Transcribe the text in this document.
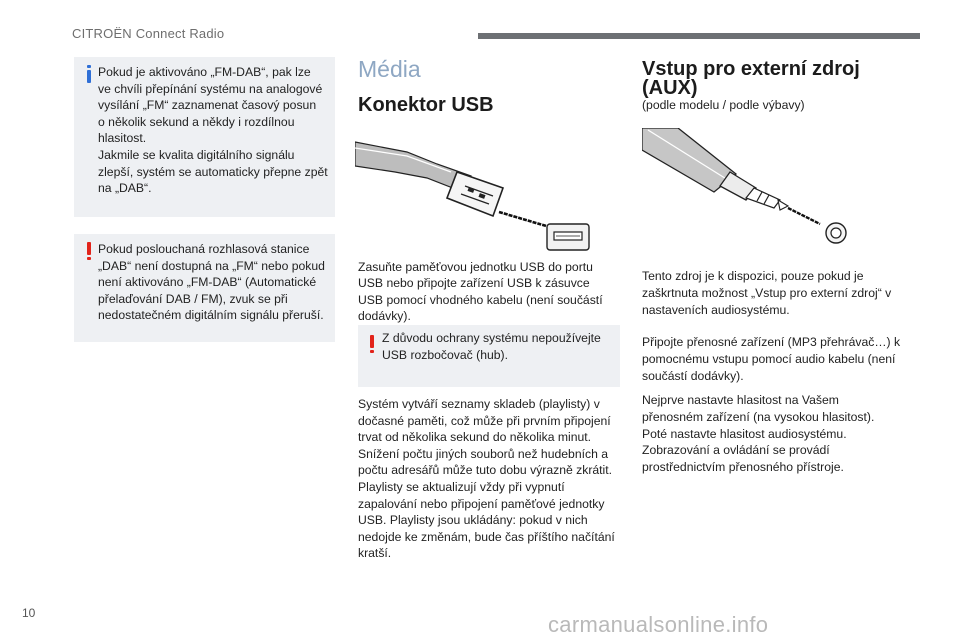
CITROËN Connect Radio
Pokud je aktivováno „FM-DAB“, pak lze
ve chvíli přepínání systému na analogové
vysílání „FM“ zaznamenat časový posun
o několik sekund a někdy i rozdílnou
hlasitost.
Jakmile se kvalita digitálního signálu
zlepší, systém se automaticky přepne zpět
na „DAB“.
Pokud poslouchaná rozhlasová stanice
„DAB“ není dostupná na „FM“ nebo pokud
není aktivováno „FM-DAB“ (Automatické
přelaďování DAB / FM), zvuk se při
nedostatečném digitálním signálu přeruší.
Média
Konektor USB
Zasuňte paměťovou jednotku USB do portu
USB nebo připojte zařízení USB k zásuvce
USB pomocí vhodného kabelu (není součástí
dodávky).
Z důvodu ochrany systému nepoužívejte
USB rozbočovač (hub).
Systém vytváří seznamy skladeb (playlisty) v
dočasné paměti, což může při prvním připojení
trvat od několika sekund do několika minut.
Snížení počtu jiných souborů než hudebních a
počtu adresářů může tuto dobu výrazně zkrátit.
Playlisty se aktualizují vždy při vypnutí
zapalování nebo připojení paměťové jednotky
USB. Playlisty jsou ukládány: pokud v nich
nedojde ke změnám, bude čas příštího načítání
kratší.
Vstup pro externí zdroj
(AUX)
(podle modelu / podle výbavy)
Tento zdroj je k dispozici, pouze pokud je
zaškrtnuta možnost „Vstup pro externí zdroj“ v
nastaveních audiosystému.
Připojte přenosné zařízení (MP3 přehrávač…) k
pomocnému vstupu pomocí audio kabelu (není
součástí dodávky).
Nejprve nastavte hlasitost na Vašem
přenosném zařízení (na vysokou hlasitost).
Poté nastavte hlasitost audiosystému.
Zobrazování a ovládání se provádí
prostřednictvím přenosného přístroje.
10	carmanualsonline.info
